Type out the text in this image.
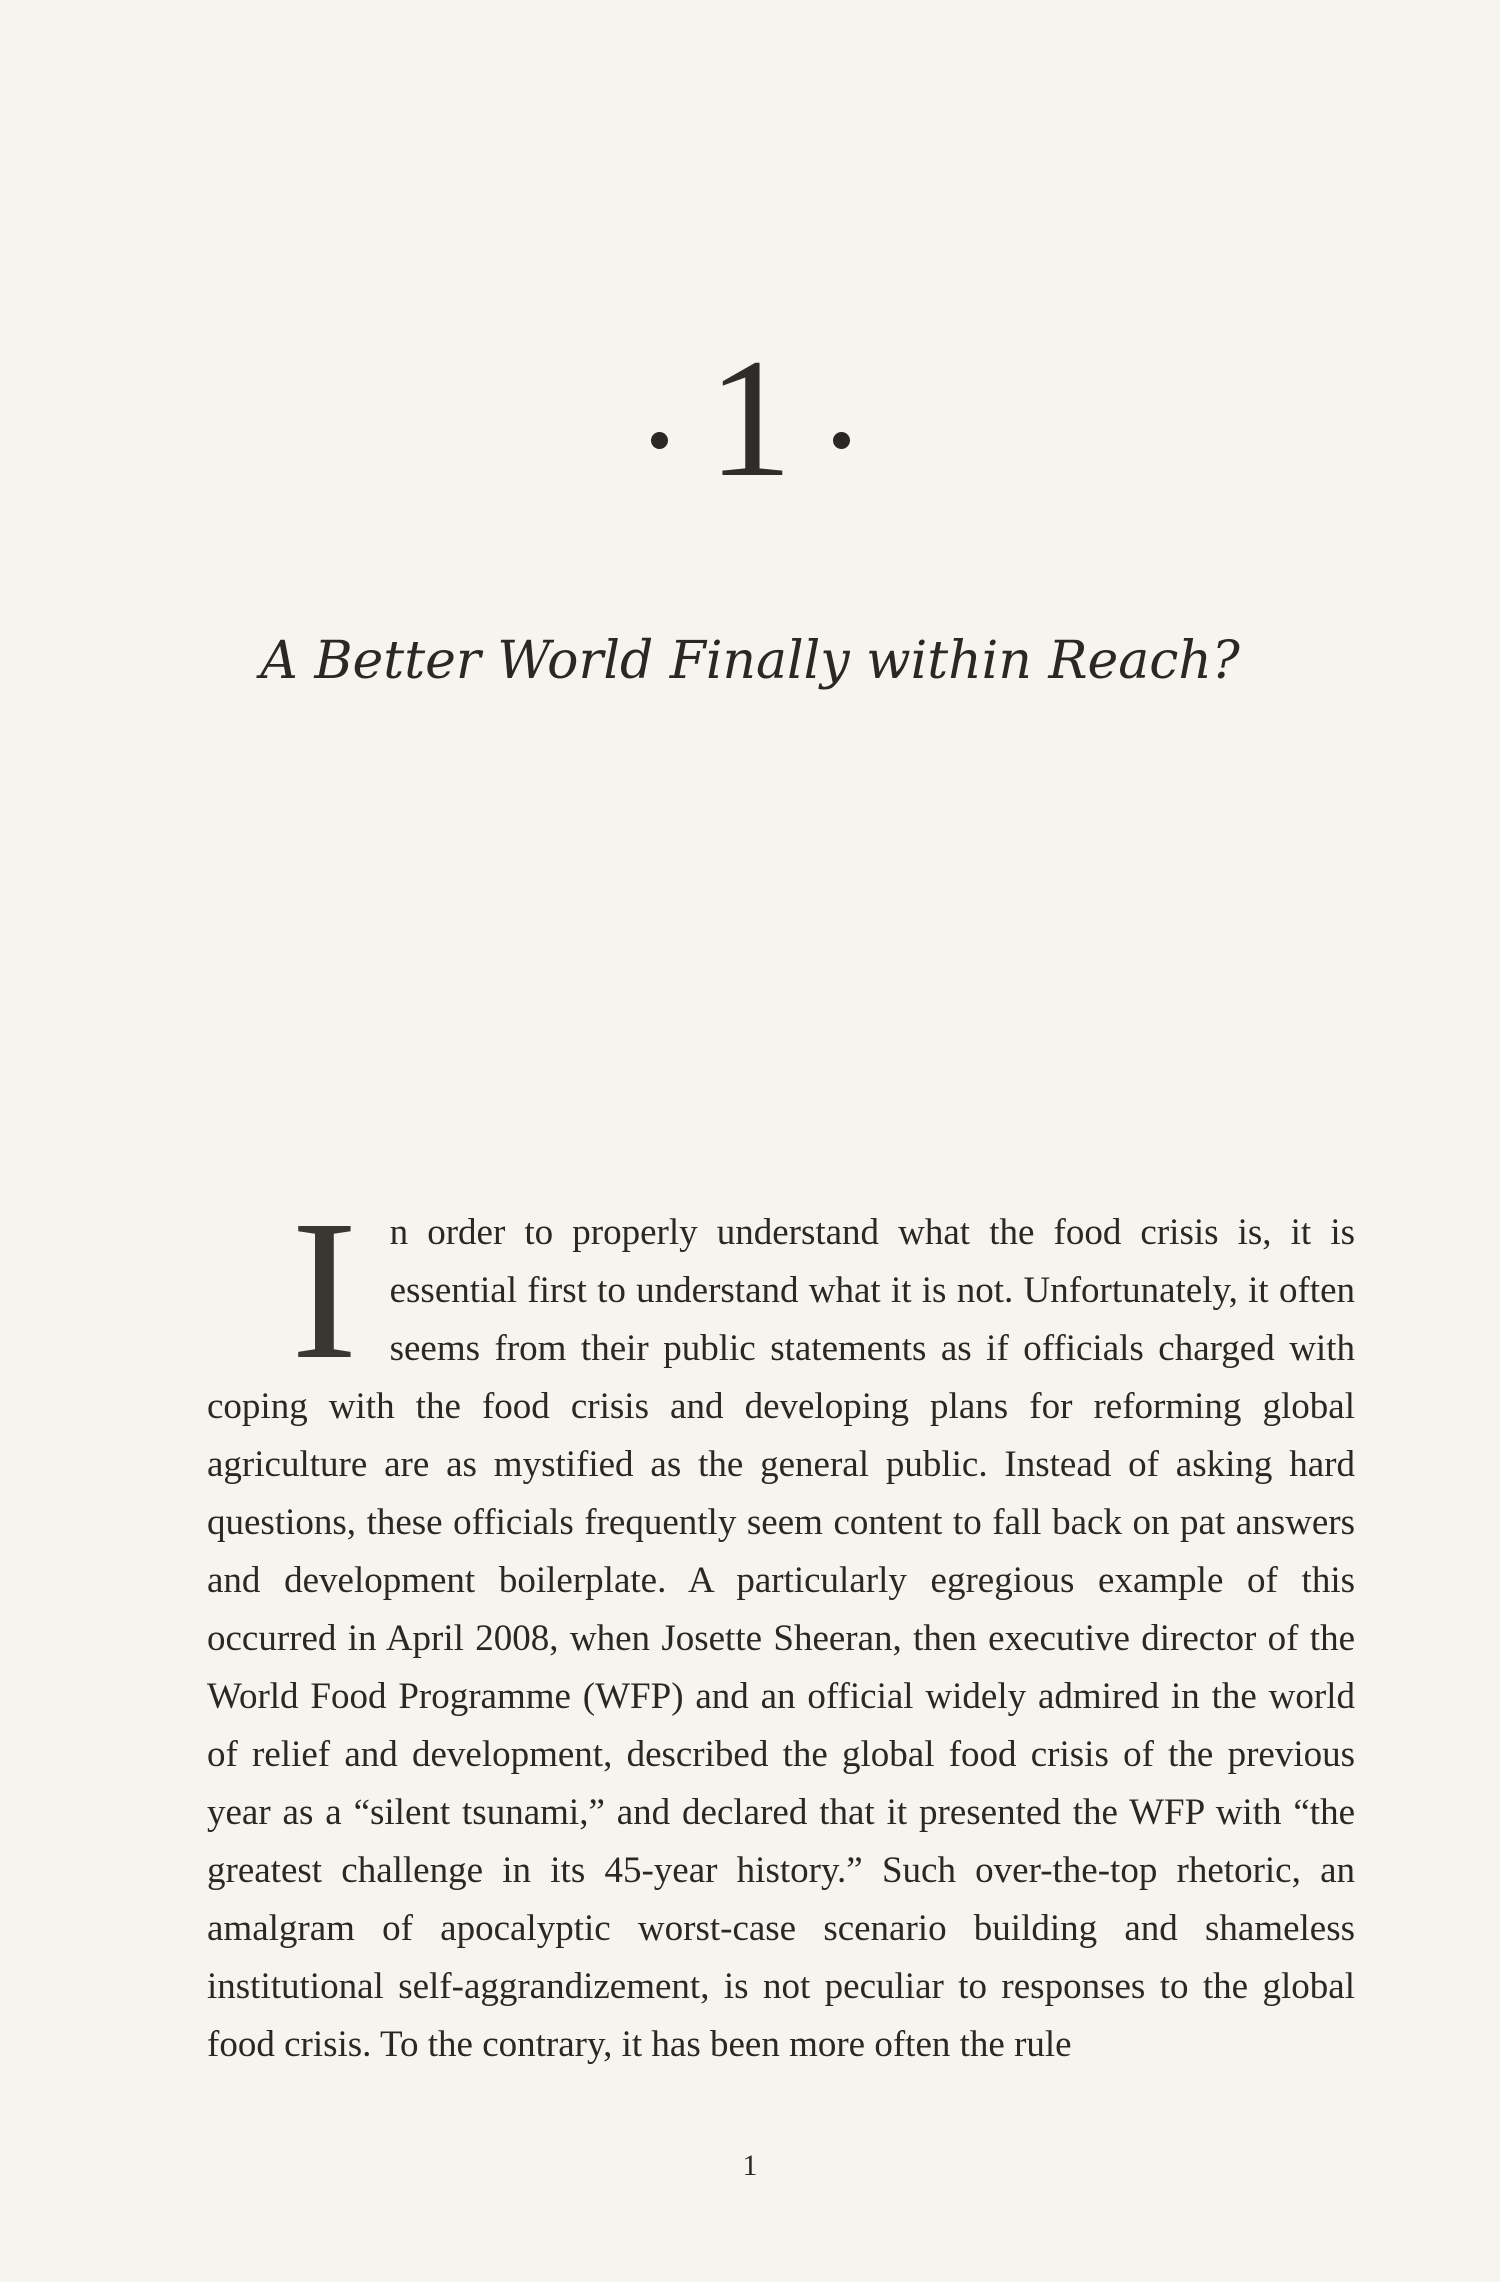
1
A Better World Finally within Reach?

In order to properly understand what the food crisis is, it is essential first to understand what it is not. Unfortunately, it often seems from their public statements as if officials charged with coping with the food crisis and developing plans for reforming global agriculture are as mystified as the general public. Instead of asking hard questions, these officials frequently seem content to fall back on pat answers and development boilerplate. A particularly egregious example of this occurred in April 2008, when Josette Sheeran, then executive director of the World Food Programme (WFP) and an official widely admired in the world of relief and development, described the global food crisis of the previous year as a “silent tsunami,” and declared that it presented the WFP with “the greatest challenge in its 45-year history.” Such over-the-top rhetoric, an amalgram of apocalyptic worst-case scenario building and shameless institutional self-aggrandizement, is not peculiar to responses to the global food crisis. To the contrary, it has been more often the rule

1
